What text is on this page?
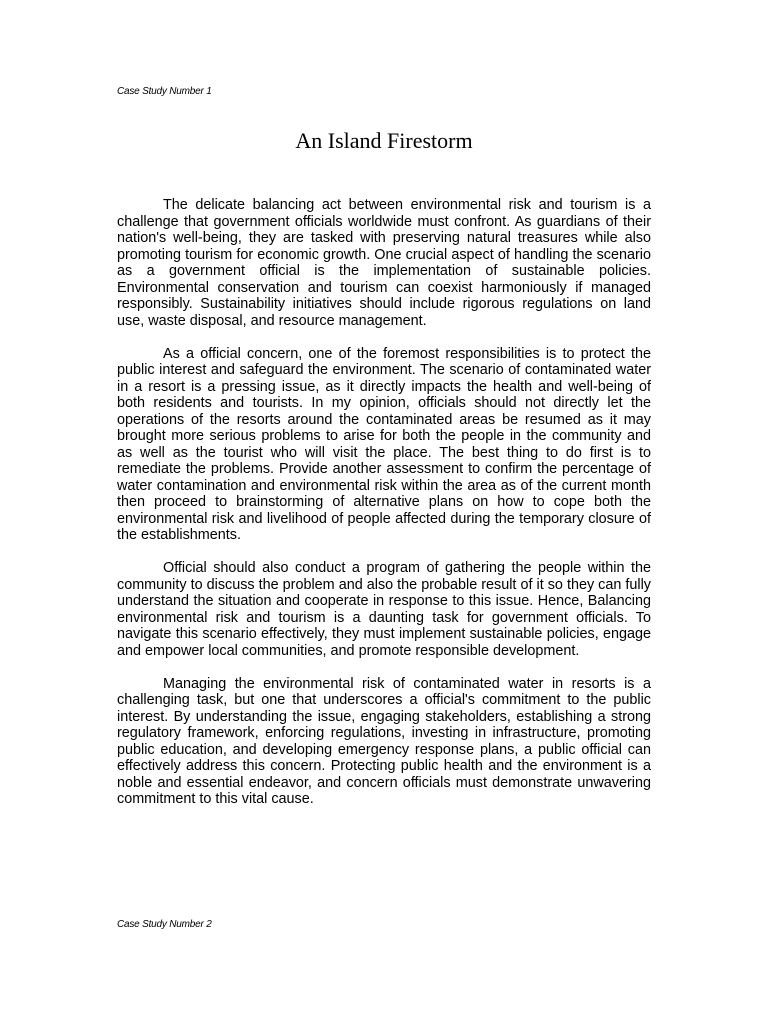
Case Study Number 1
An Island Firestorm

The delicate balancing act between environmental risk and tourism is a challenge that government officials worldwide must confront. As guardians of their nation's well-being, they are tasked with preserving natural treasures while also promoting tourism for economic growth. One crucial aspect of handling the scenario as a government official is the implementation of sustainable policies. Environmental conservation and tourism can coexist harmoniously if managed responsibly. Sustainability initiatives should include rigorous regulations on land use, waste disposal, and resource management.

As a official concern, one of the foremost responsibilities is to protect the public interest and safeguard the environment. The scenario of contaminated water in a resort is a pressing issue, as it directly impacts the health and well-being of both residents and tourists. In my opinion, officials should not directly let the operations of the resorts around the contaminated areas be resumed as it may brought more serious problems to arise for both the people in the community and as well as the tourist who will visit the place. The best thing to do first is to remediate the problems. Provide another assessment to confirm the percentage of water contamination and environmental risk within the area as of the current month then proceed to brainstorming of alternative plans on how to cope both the environmental risk and livelihood of people affected during the temporary closure of the establishments.

Official should also conduct a program of gathering the people within the community to discuss the problem and also the probable result of it so they can fully understand the situation and cooperate in response to this issue. Hence, Balancing environmental risk and tourism is a daunting task for government officials. To navigate this scenario effectively, they must implement sustainable policies, engage and empower local communities, and promote responsible development.

Managing the environmental risk of contaminated water in resorts is a challenging task, but one that underscores a official's commitment to the public interest. By understanding the issue, engaging stakeholders, establishing a strong regulatory framework, enforcing regulations, investing in infrastructure, promoting public education, and developing emergency response plans, a public official can effectively address this concern. Protecting public health and the environment is a noble and essential endeavor, and concern officials must demonstrate unwavering commitment to this vital cause.

Case Study Number 2
